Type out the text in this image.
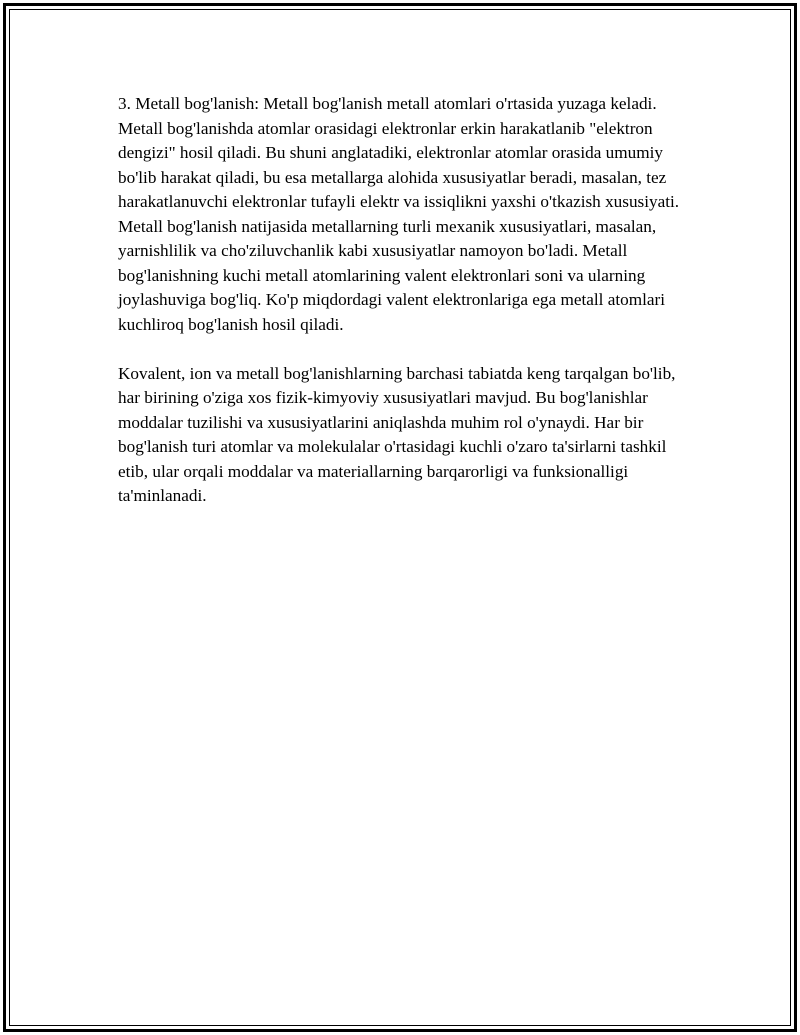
3. Metall bog'lanish: Metall bog'lanish metall atomlari o'rtasida yuzaga keladi. Metall bog'lanishda atomlar orasidagi elektronlar erkin harakatlanib "elektron dengizi" hosil qiladi. Bu shuni anglatadiki, elektronlar atomlar orasida umumiy bo'lib harakat qiladi, bu esa metallarga alohida xususiyatlar beradi, masalan, tez harakatlanuvchi elektronlar tufayli elektr va issiqlikni yaxshi o'tkazish xususiyati. Metall bog'lanish natijasida metallarning turli mexanik xususiyatlari, masalan, yarnishlilik va cho'ziluvchanlik kabi xususiyatlar namoyon bo'ladi. Metall bog'lanishning kuchi metall atomlarining valent elektronlari soni va ularning joylashuviga bog'liq. Ko'p miqdordagi valent elektronlariga ega metall atomlari kuchliroq bog'lanish hosil qiladi.

Kovalent, ion va metall bog'lanishlarning barchasi tabiatda keng tarqalgan bo'lib, har birining o'ziga xos fizik-kimyoviy xususiyatlari mavjud. Bu bog'lanishlar moddalar tuzilishi va xususiyatlarini aniqlashda muhim rol o'ynaydi. Har bir bog'lanish turi atomlar va molekulalar o'rtasidagi kuchli o'zaro ta'sirlarni tashkil etib, ular orqali moddalar va materiallarning barqarorligi va funksionalligi ta'minlanadi.
